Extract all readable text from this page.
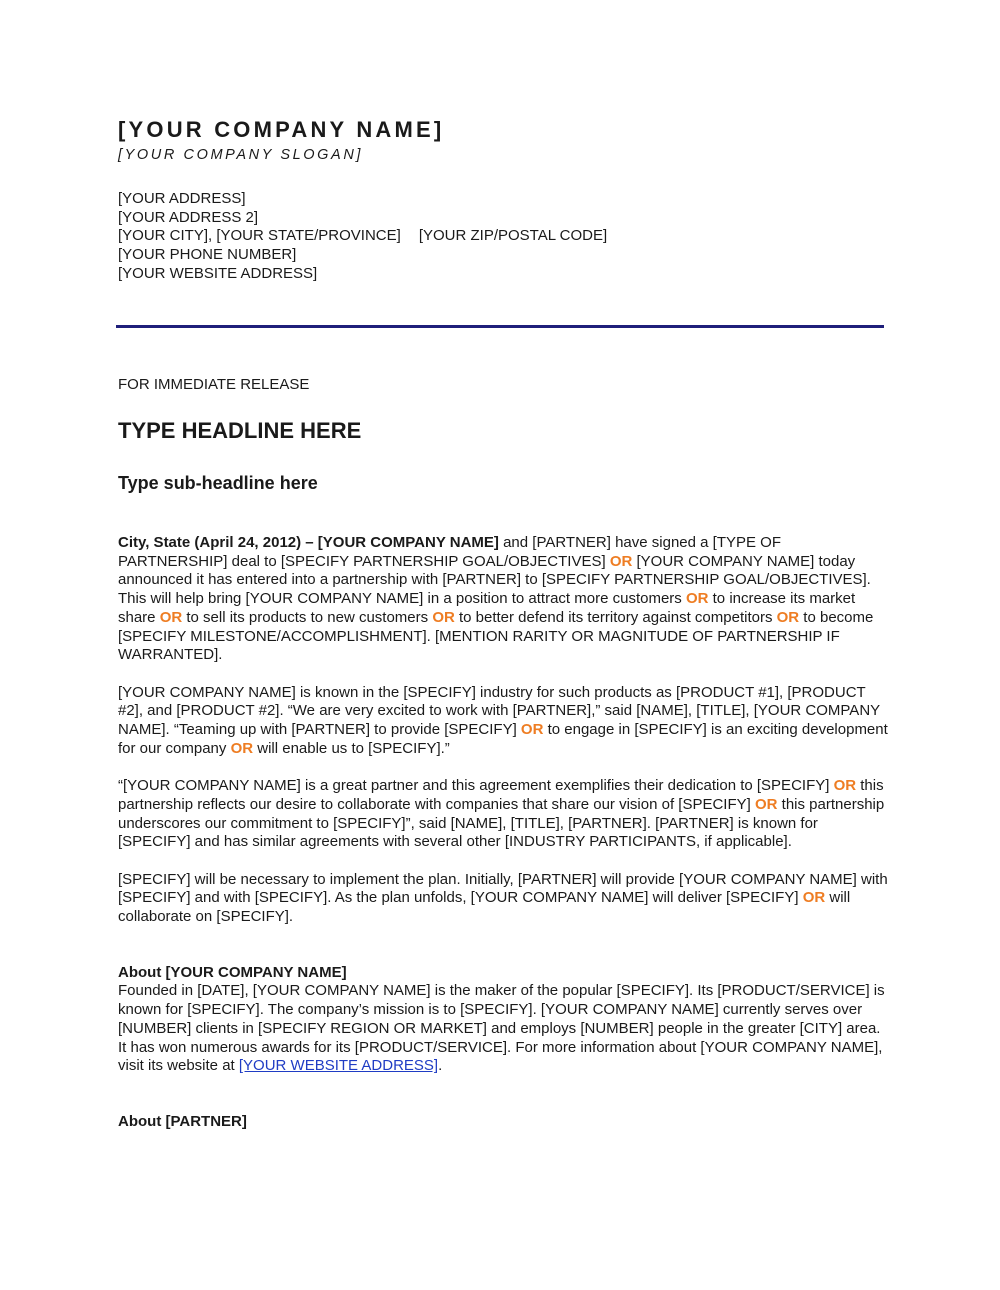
[YOUR COMPANY NAME]
[YOUR COMPANY SLOGAN]
[YOUR ADDRESS]
[YOUR ADDRESS 2]
[YOUR CITY], [YOUR STATE/PROVINCE] [YOUR ZIP/POSTAL CODE]
[YOUR PHONE NUMBER]
[YOUR WEBSITE ADDRESS]
FOR IMMEDIATE RELEASE
TYPE HEADLINE HERE
Type sub-headline here

City, State (April 24, 2012) – [YOUR COMPANY NAME] and [PARTNER] have signed a [TYPE OF PARTNERSHIP] deal to [SPECIFY PARTNERSHIP GOAL/OBJECTIVES] OR [YOUR COMPANY NAME] today announced it has entered into a partnership with [PARTNER] to [SPECIFY PARTNERSHIP GOAL/OBJECTIVES]. This will help bring [YOUR COMPANY NAME] in a position to attract more customers OR to increase its market share OR to sell its products to new customers OR to better defend its territory against competitors OR to become [SPECIFY MILESTONE/ACCOMPLISHMENT]. [MENTION RARITY OR MAGNITUDE OF PARTNERSHIP IF WARRANTED].

[YOUR COMPANY NAME] is known in the [SPECIFY] industry for such products as [PRODUCT #1], [PRODUCT #2], and [PRODUCT #2]. “We are very excited to work with [PARTNER],” said [NAME], [TITLE], [YOUR COMPANY NAME]. “Teaming up with [PARTNER] to provide [SPECIFY] OR to engage in [SPECIFY] is an exciting development for our company OR will enable us to [SPECIFY].”

“[YOUR COMPANY NAME] is a great partner and this agreement exemplifies their dedication to [SPECIFY] OR this partnership reflects our desire to collaborate with companies that share our vision of [SPECIFY] OR this partnership underscores our commitment to [SPECIFY]”, said [NAME], [TITLE], [PARTNER]. [PARTNER] is known for [SPECIFY] and has similar agreements with several other [INDUSTRY PARTICIPANTS, if applicable].

[SPECIFY] will be necessary to implement the plan. Initially, [PARTNER] will provide [YOUR COMPANY NAME] with [SPECIFY] and with [SPECIFY]. As the plan unfolds, [YOUR COMPANY NAME] will deliver [SPECIFY] OR will collaborate on [SPECIFY].

About [YOUR COMPANY NAME]

Founded in [DATE], [YOUR COMPANY NAME] is the maker of the popular [SPECIFY]. Its [PRODUCT/SERVICE] is known for [SPECIFY]. The company’s mission is to [SPECIFY]. [YOUR COMPANY NAME] currently serves over [NUMBER] clients in [SPECIFY REGION OR MARKET] and employs [NUMBER] people in the greater [CITY] area. It has won numerous awards for its [PRODUCT/SERVICE]. For more information about [YOUR COMPANY NAME], visit its website at [YOUR WEBSITE ADDRESS].

About [PARTNER]
